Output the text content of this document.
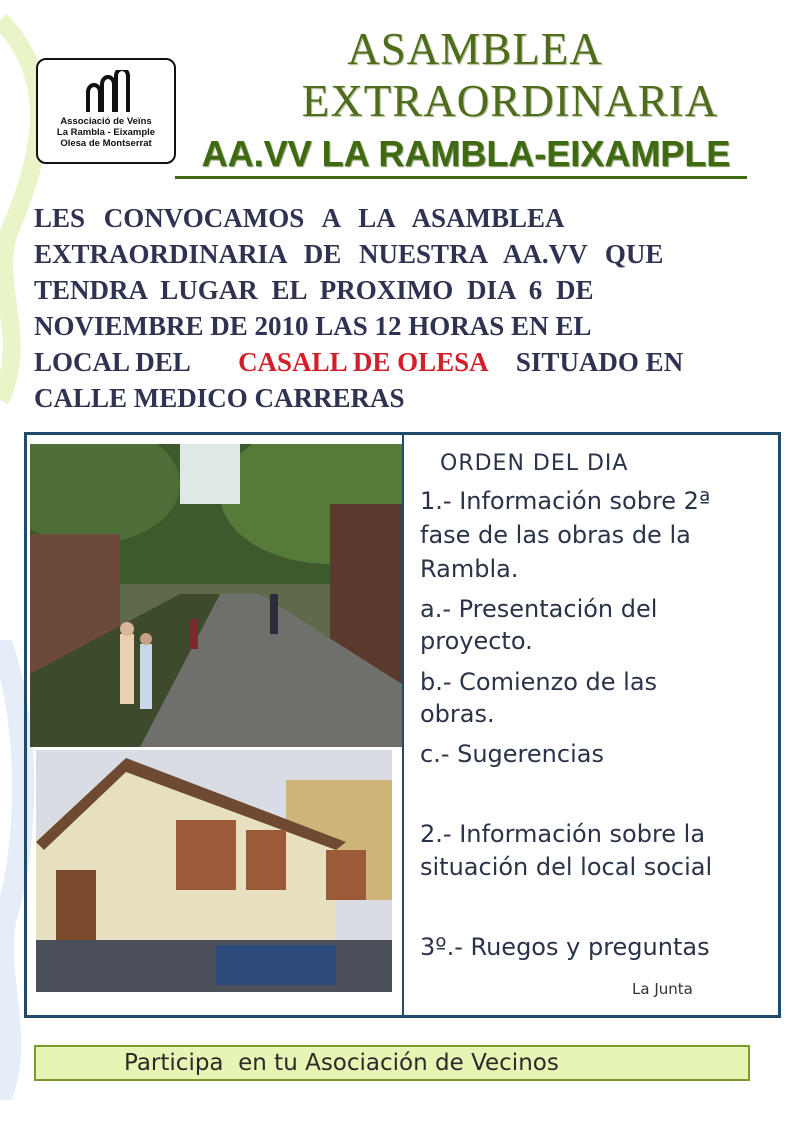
Associació de Veïns
La Rambla - Eixample
Olesa de Montserrat
ASAMBLEA
EXTRAORDINARIA
AA.VV LA RAMBLA-EIXAMPLE
LES CONVOCAMOS A LA ASAMBLEA
EXTRAORDINARIA DE NUESTRA AA.VV QUE
TENDRA LUGAR EL PROXIMO DIA 6 DE
NOVIEMBRE DE 2010 LAS 12 HORAS EN EL
LOCAL DEL CASALL DE OLESA SITUADO EN
CALLE MEDICO CARRERAS
ORDEN DEL DIA
1.- Información sobre 2ª
fase de las obras de la
Rambla.
a.- Presentación del
proyecto.
b.- Comienzo de las
obras.
c.- Sugerencias
2.- Información sobre la
situación del local social
3º.- Ruegos y preguntas
La Junta
Participa  en tu Asociación de Vecinos
